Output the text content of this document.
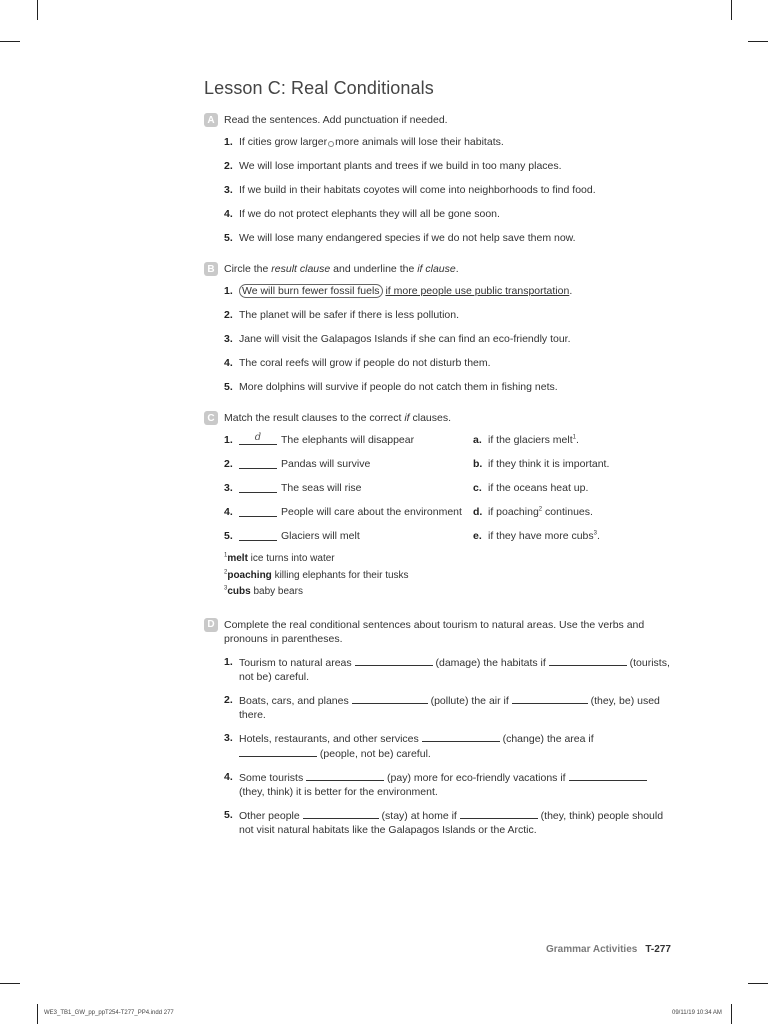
Lesson C: Real Conditionals
A Read the sentences. Add punctuation if needed.
1. If cities grow larger more animals will lose their habitats.
2. We will lose important plants and trees if we build in too many places.
3. If we build in their habitats coyotes will come into neighborhoods to find food.
4. If we do not protect elephants they will all be gone soon.
5. We will lose many endangered species if we do not help save them now.
B Circle the result clause and underline the if clause.
1. We will burn fewer fossil fuels if more people use public transportation.
2. The planet will be safer if there is less pollution.
3. Jane will visit the Galapagos Islands if she can find an eco-friendly tour.
4. The coral reefs will grow if people do not disturb them.
5. More dolphins will survive if people do not catch them in fishing nets.
C Match the result clauses to the correct if clauses.
1.	d	The elephants will disappear	a. if the glaciers melt$^1$.
2.	Pandas will survive	b. if they think it is important.
3.	The seas will rise	c. if the oceans heat up.
4.	People will care about the environment d. if poaching$^2$ continues.
5.	Glaciers will melt	e. if they have more cubs$^3$.
$^1$melt ice turns into water
$^2$poaching killing elephants for their tusks
$^3$cubs baby bears
D Complete the real conditional sentences about tourism to natural areas. Use the verbs and pronouns in parentheses.
1. Tourism to natural areas	(damage) the habitats if	(tourists, not be) careful.
2. Boats, cars, and planes	(pollute) the air if	(they, be) used there.
3. Hotels, restaurants, and other services	(change) the area if  (people, not be) careful.
4. Some tourists	(pay) more for eco-friendly vacations if  (they, think) it is better for the environment.
5. Other people	(stay) at home if	(they, think) people should not visit natural habitats like the Galapagos Islands or the Arctic.
Grammar Activities T-277
WE3_TB1_GW_pp_ppT254-T277_PP4.indd 277	09/11/19 10:34 AM
